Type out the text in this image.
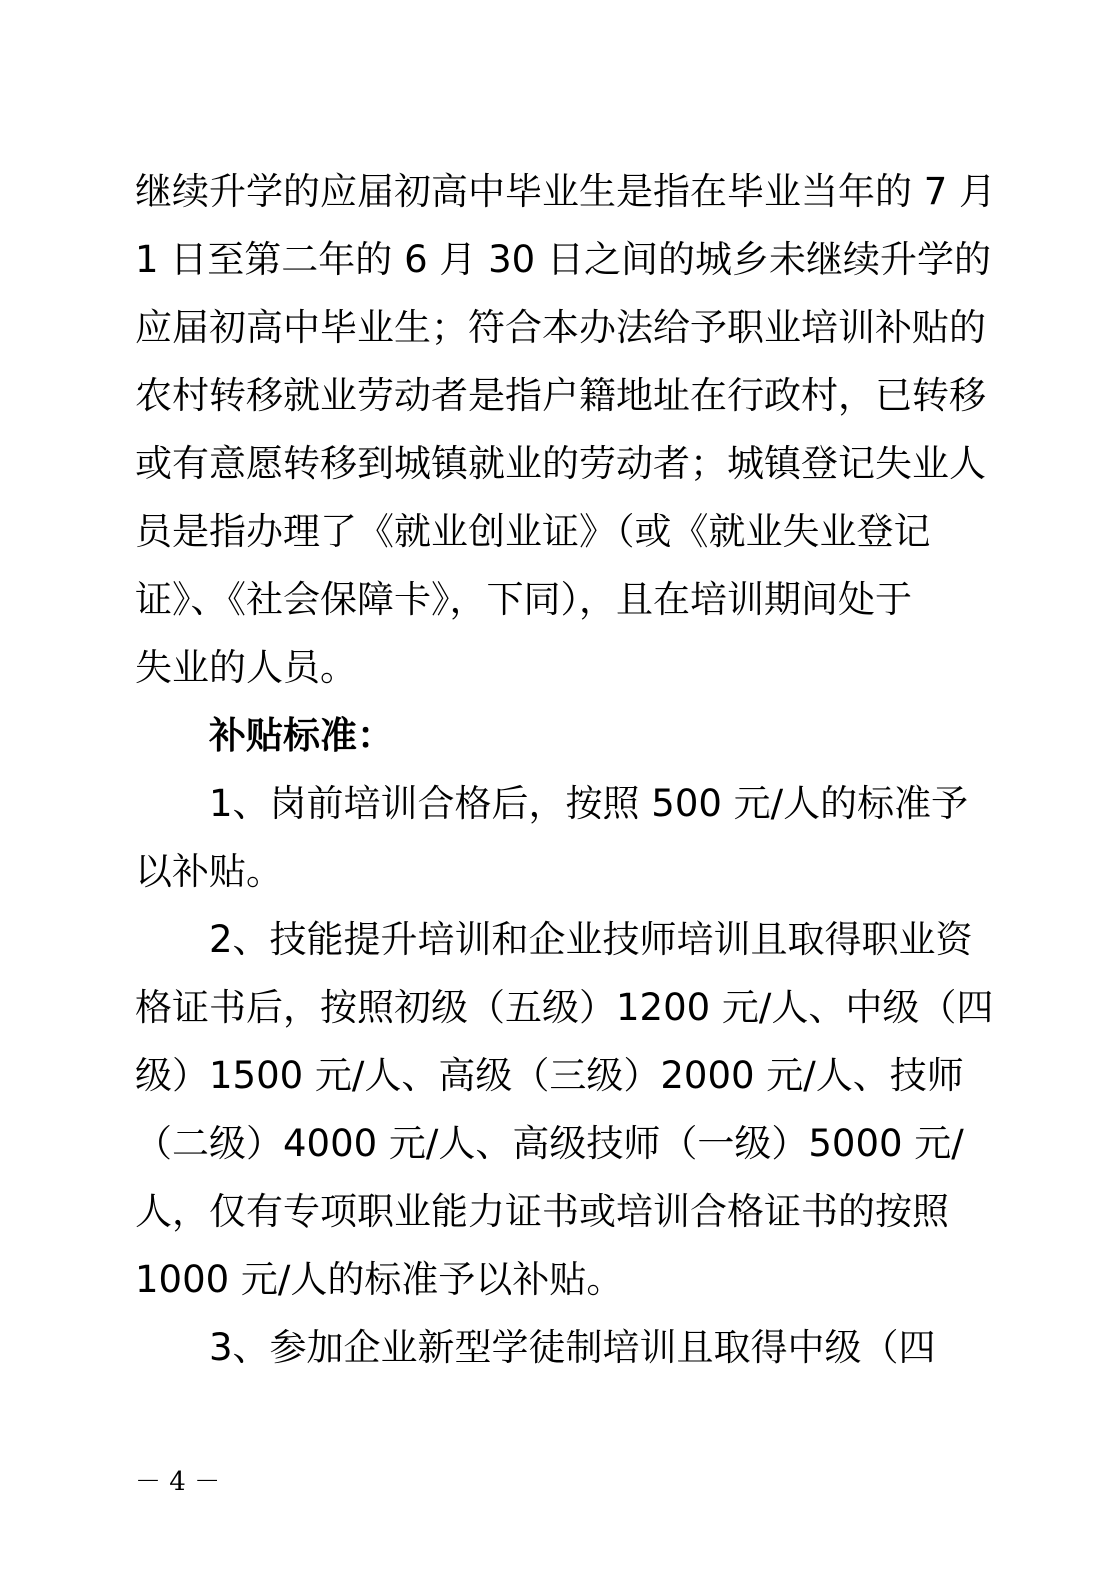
继续升学的应届初高中毕业生是指在毕业当年的 7 月
1 日至第二年的 6 月 30 日之间的城乡未继续升学的
应届初高中毕业生；符合本办法给予职业培训补贴的
农村转移就业劳动者是指户籍地址在行政村，已转移
或有意愿转移到城镇就业的劳动者；城镇登记失业人
员是指办理了《就业创业证》（或《就业失业登记
证》、《社会保障卡》，下同），且在培训期间处于
失业的人员。
补贴标准：
1、岗前培训合格后，按照 500 元/人的标准予
以补贴。
2、技能提升培训和企业技师培训且取得职业资
格证书后，按照初级（五级）1200 元/人、中级（四
级）1500 元/人、高级（三级）2000 元/人、技师
（二级）4000 元/人、高级技师（一级）5000 元/
人，仅有专项职业能力证书或培训合格证书的按照
1000 元/人的标准予以补贴。
3、参加企业新型学徒制培训且取得中级（四
－ 4 －
